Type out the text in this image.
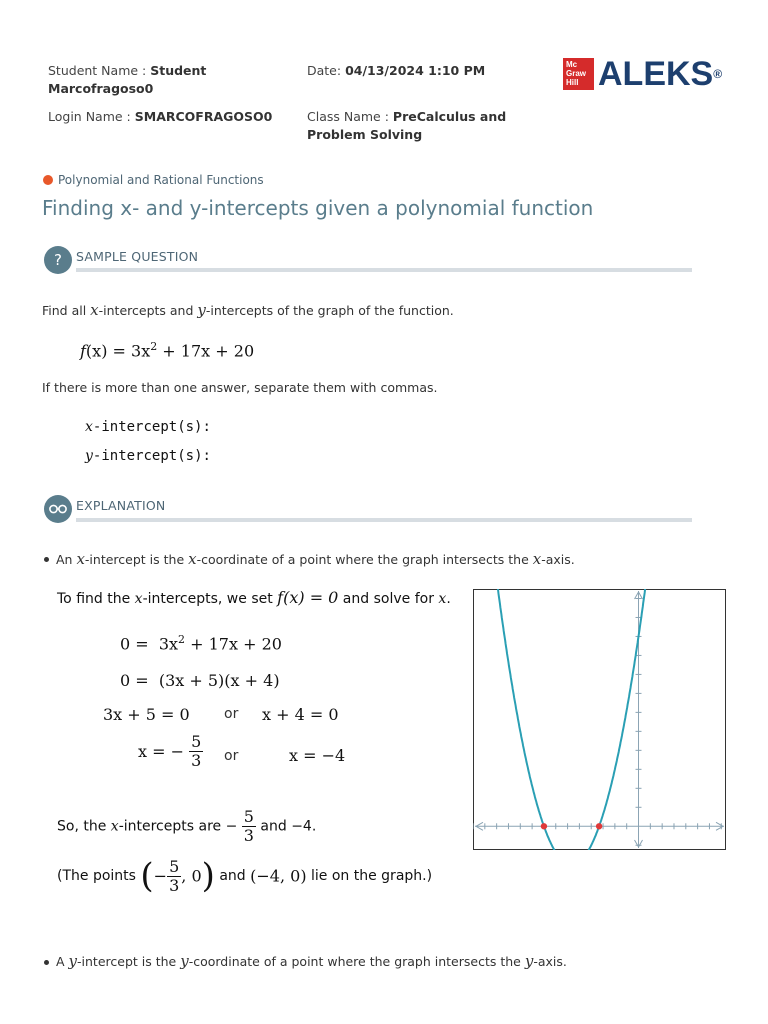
Student Name : Student
Marcofragoso0
Date: 04/13/2024 1:10 PM
Login Name : SMARCOFRAGOSO0	Class Name : PreCalculus and
Problem Solving
Mc
Graw
Hill ALEKS®
Polynomial and Rational Functions
Finding x- and y-intercepts given a polynomial function
?	SAMPLE QUESTION
Find all x-intercepts and y-intercepts of the graph of the function.
$f(x) = 3x^2 + 17x + 20$
If there is more than one answer, separate them with commas.
x-intercept(s):
y-intercept(s):
EXPLANATION
An x-intercept is the x-coordinate of a point where the graph intersects the x-axis.
To find the x-intercepts, we set f(x) = 0 and solve for x.
$0 = 3x^2 + 17x + 20$
0 = (3x + 5)(x + 4)
3x + 5 = 0 or x + 4 = 0
x = − $\frac{5}{3}$ or	x = −4
So, the x-intercepts are − $\frac{5}{3}$ and −4.
(The points (− $\frac{5}{3}$ , 0) and (−4, 0) lie on the graph.)
A y-intercept is the y-coordinate of a point where the graph intersects the y-axis.
